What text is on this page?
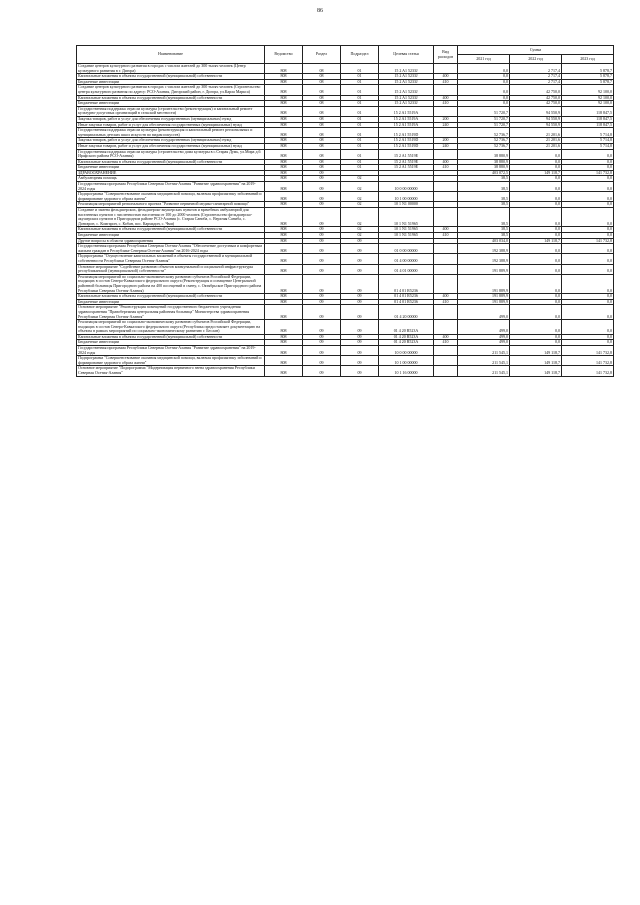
86
Наименование	Ведомство	Раздел	Подраздел	Целевая статья	Вид расходов	Сумма		
						2021 год	2022 год	2023 год
Создание центров культурного развития в городах с числом жителей до 300 тысяч человек (Центр культурного развития в г. Дигора)	808	08	01	15 2 A1 5233J		0,0	2 717,4	5 878,7
Капитальные вложения в объекты государственной (муниципальной) собственности	808	08	01	15 2 A1 5233J	400	0,0	2 717,4	5 878,7
Бюджетные инвестиции	808	08	01	15 2 A1 5233J	410	0,0	2 717,4	5 878,7
Создание центров культурного развития в городах с числом жителей до 300 тысяч человек (Строительство центра культурного развития по адресу: РСО-Алания, Дигорский район, г. Дигора, ул.Карла Маркса)	808	08	01	15 2 A1 5233J		0,0	42 750,0	92 100,0
Капитальные вложения в объекты государственной (муниципальной) собственности	808	08	01	15 2 A1 5233J	400	0,0	42 750,0	92 100,0
Бюджетные инвестиции	808	08	01	15 2 A1 5233J	410	0,0	42 750,0	92 100,0
Государственная поддержка отрасли культуры (строительство (реконструкция) и капитальный ремонт культурно-досуговых организаций в сельской местности)	808	08	01	15 2 A1 5519A		51 720,7	94 550,9	118 847,5
Закупка товаров, работ и услуг для обеспечения государственных (муниципальных) нужд	808	08	01	15 2 A1 5519A	200	51 720,7	94 550,9	118 847,5
Иные закупки товаров, работ и услуг для обеспечения государственных (муниципальных) нужд	808	08	01	15 2 A1 5519A	240	51 720,7	94 550,9	118 847,5
Государственная поддержка отрасли культуры (реконструкция и капитальный ремонт региональных и муниципальных детских школ искусств по видам искусств)	808	08	01	15 2 A1 5519D		52 736,7	21 201,6	5 714,8
Закупка товаров, работ и услуг для обеспечения государственных (муниципальных) нужд	808	08	01	15 2 A1 5519D	200	52 736,7	21 201,6	5 714,8
Иные закупки товаров, работ и услуг для обеспечения государственных (муниципальных) нужд	808	08	01	15 2 A1 5519D	240	52 736,7	21 201,6	5 714,8
Государственная поддержка отрасли культуры (строительство дома культуры в с.Старая Думь, ул.Мира д.6 Ирафского района РСО-Алания)	808	08	01	15 2 A1 5519E		38 880,9	0,0	0,0
Капитальные вложения в объекты государственной (муниципальной) собственности	808	08	01	15 2 A1 5519E	400	38 880,9	0,0	0,0
Бюджетные инвестиции	808	08	01	15 2 A1 5519E	410	38 880,9	0,0	0,0
ЗДРАВООХРАНЕНИЕ	808	09				403 072,5	149 118,7	141 732,8
Амбулаторная помощь	808	09	02			38,5	0,0	0,0
Государственная программа Республики Северная Осетия-Алания "Развитие здравоохранения" на 2019-2024 годы	808	09	02	10 0 00 00000		38,5	0,0	0,0
Подпрограмма "Совершенствование оказания медицинской помощи, включая профилактику заболеваний и формирование здорового образа жизни"	808	09	02	10 1 00 00000		38,5	0,0	0,0
Реализация мероприятий регионального проекта "Развитие первичной медико-санитарной помощи"	808	09	02	10 1 N1 00000		38,5	0,0	0,0
Создание и замена фельдшерских, фельдшерско-акушерских пунктов и врачебных амбулаторий для населенных пунктов с численностью населения от 100 до 2000 человек (Строительство фельдшерско-акушерских пунктов в Пригородном районе РСО-Алания (с. Старая Саниба, с. Верхняя Саниба, с. Донгарон, с. Комгарон, с. Кобан, пос. Кармадон, с. Чми)	808	09	02	10 1 N1 51965		38,5	0,0	0,0
Капитальные вложения в объекты государственной (муниципальной) собственности	808	09	02	10 1 N1 51965	400	38,5	0,0	0,0
Бюджетные инвестиции	808	09	02	10 1 N1 51965	410	38,5	0,0	0,0
Другие вопросы в области здравоохранения	808	09	09			403 034,0	149 118,7	141 732,8
Государственная программа Республики Северная Осетия-Алания "Обеспечение доступным и комфортным жильем граждан в Республике Северная Осетия-Алания" на 2016-2024 годы	808	09	09	01 0 00 00000		192 388,9	0,0	0,0
Подпрограмма "Осуществление капитальных вложений в объекты государственной и муниципальной собственности Республики Северная Осетия-Алания"	808	09	09	01 4 00 00000		192 388,9	0,0	0,0
Основное мероприятие "Содействие развитию объектов коммунальной и социальной инфраструктуры республиканской (муниципальной) собственности"	808	09	09	01 4 01 00000		191 889,9	0,0	0,0
Реализация мероприятий по социально-экономическому развитию субъектов Российской Федерации, входящих в состав Северо-Кавказского федерального округа (Реконструкция и оснащение Центральной районной больницы Пригородного района на 400 посещений в смену, с. Октябрьское Пригородного района Республики Северная Осетия-Алания)	808	09	09	01 4 01 R5236		191 889,9	0,0	0,0
Капитальные вложения в объекты государственной (муниципальной) собственности	808	09	09	01 4 01 R5236	400	191 889,9	0,0	0,0
Бюджетные инвестиции	808	09	09	01 4 01 R5236	410	191 889,9	0,0	0,0
Основное мероприятие "Реконструкция помещений государственного бюджетного учреждения здравоохранения "Правобережная центральная районная больница" Министерства здравоохранения Республики Северная Осетия-Алания"	808	09	09	01 4 20 00000		499,0	0,0	0,0
Реализация мероприятий по социально-экономическому развитию субъектов Российской Федерации, входящих в состав Северо-Кавказского федерального округа (Республика предоставляет документацию на объекты в рамках мероприятий по социально-экономическому развитию г. Беслан)	808	09	09	01 4 20 R523A		499,0	0,0	0,0
Капитальные вложения в объекты государственной (муниципальной) собственности	808	09	09	01 4 20 R523A	400	499,0	0,0	0,0
Бюджетные инвестиции	808	09	09	01 4 20 R523A	410	499,0	0,0	0,0
Государственная программа Республики Северная Осетия-Алания "Развитие здравоохранения" на 2019-2024 годы	808	09	09	10 0 00 00000		211 545,1	149 118,7	141 732,8
Подпрограмма "Совершенствование оказания медицинской помощи, включая профилактику заболеваний и формирование здорового образа жизни"	808	09	09	10 1 00 00000		211 545,1	149 118,7	141 732,8
Основное мероприятие "Подпрограмма "Модернизация первичного звена здравоохранения Республики Северная Осетия-Алания"	808	09	09	10 1 16 00000		211 545,1	149 118,7	141 732,8
